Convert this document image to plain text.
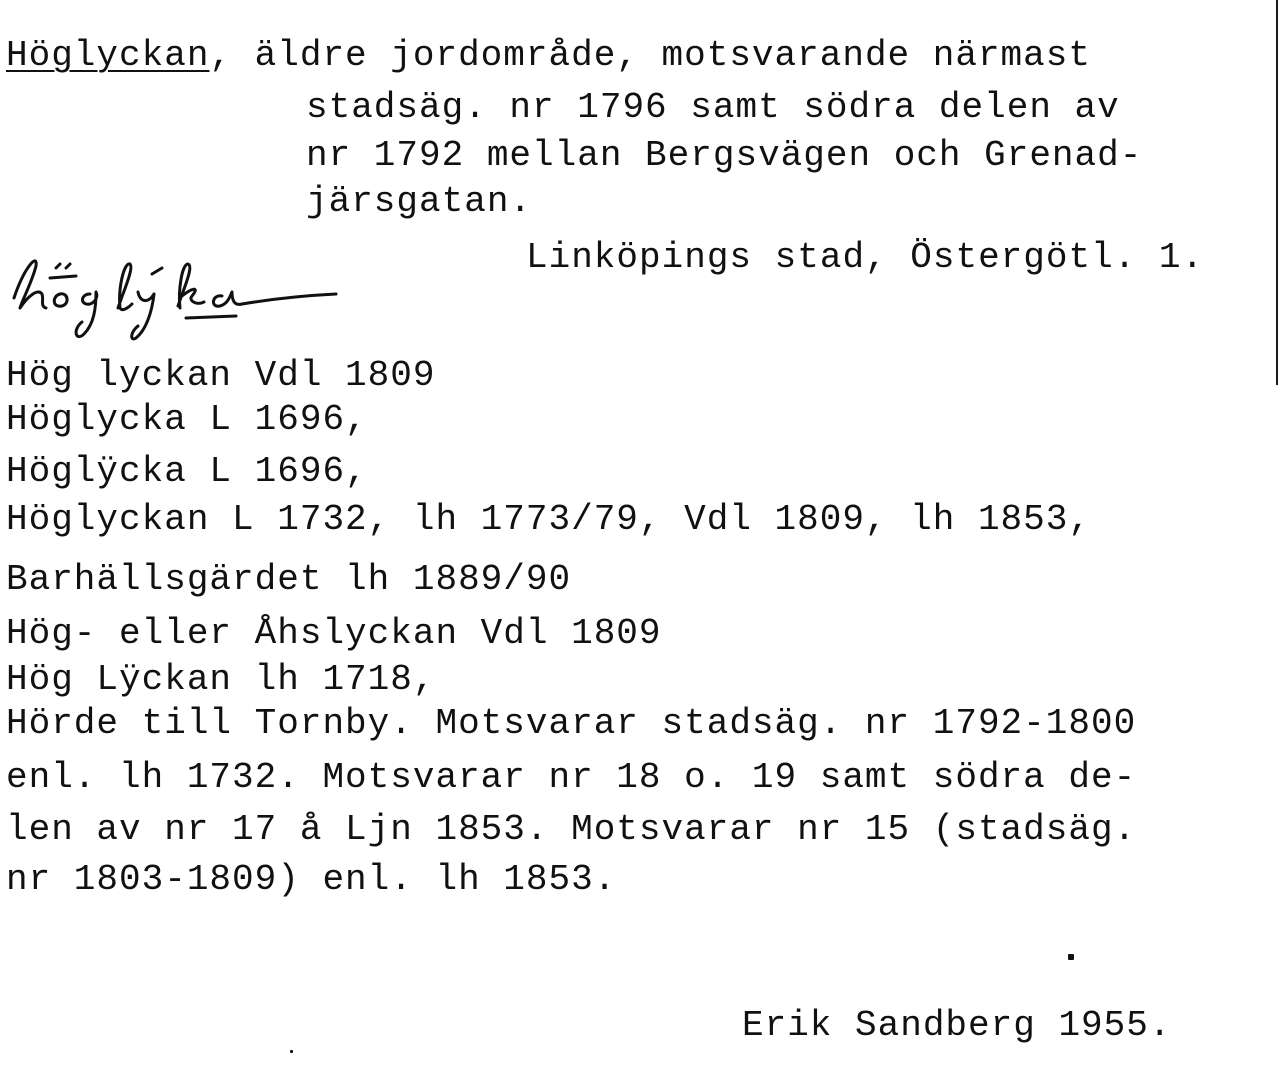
Höglyckan, äldre jordområde, motsvarande närmast
stadsäg. nr 1796 samt södra delen av
nr 1792 mellan Bergsvägen och Grenad-
järsgatan.
Linköpings stad, Östergötl. 1.
Hög lyckan Vdl 1809
Höglycka L 1696,
Höglÿcka L 1696,
Höglyckan L 1732, lh 1773/79, Vdl 1809, lh 1853,
Barhällsgärdet lh 1889/90
Hög- eller Åhslyckan Vdl 1809
Hög Lÿckan lh 1718,
Hörde till Tornby. Motsvarar stadsäg. nr 1792-1800
enl. lh 1732. Motsvarar nr 18 o. 19 samt södra de-
len av nr 17 å Ljn 1853. Motsvarar nr 15 (stadsäg.
nr 1803-1809) enl. lh 1853.
Erik Sandberg 1955.
